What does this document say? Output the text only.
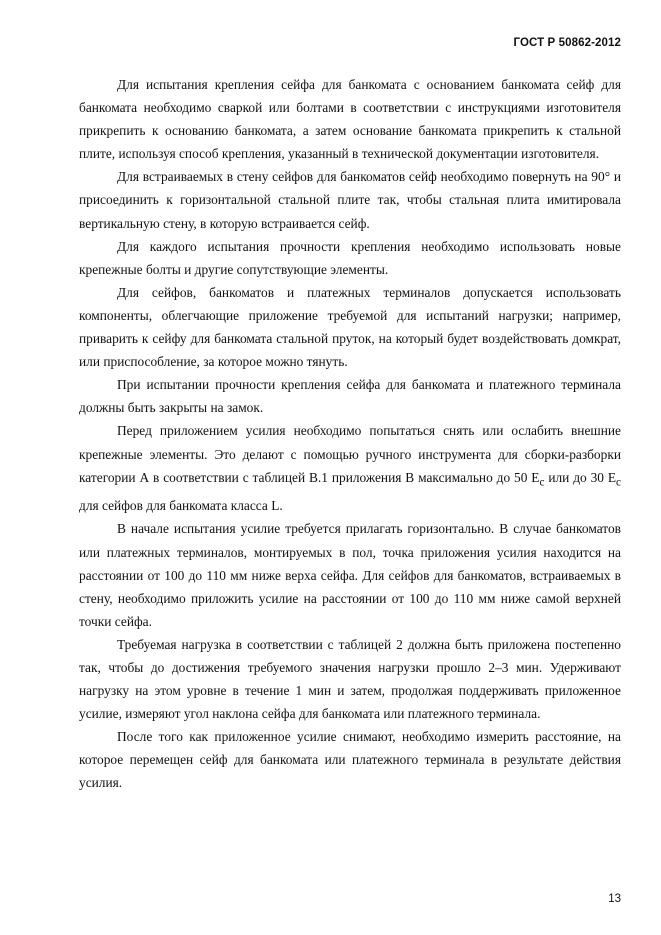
ГОСТ Р 50862-2012

Для испытания крепления сейфа для банкомата с основанием банкомата сейф для банкомата необходимо сваркой или болтами в соответствии с инструкциями изготовителя прикрепить к основанию банкомата, а затем основание банкомата прикрепить к стальной плите, используя способ крепления, указанный в технической документации изготовителя.

Для встраиваемых в стену сейфов для банкоматов сейф необходимо повернуть на 90° и присоединить к горизонтальной стальной плите так, чтобы стальная плита имитировала вертикальную стену, в которую встраивается сейф.

Для каждого испытания прочности крепления необходимо использовать новые крепежные болты и другие сопутствующие элементы.

Для сейфов, банкоматов и платежных терминалов допускается использовать компоненты, облегчающие приложение требуемой для испытаний нагрузки; например, приварить к сейфу для банкомата стальной пруток, на который будет воздействовать домкрат, или приспособление, за которое можно тянуть.

При испытании прочности крепления сейфа для банкомата и платежного терминала должны быть закрыты на замок.

Перед приложением усилия необходимо попытаться снять или ослабить внешние крепежные элементы. Это делают с помощью ручного инструмента для сборки-разборки категории А в соответствии с таблицей В.1 приложения В максимально до 50 $E_c$ или до 30 $E_c$ для сейфов для банкомата класса L.

В начале испытания усилие требуется прилагать горизонтально. В случае банкоматов или платежных терминалов, монтируемых в пол, точка приложения усилия находится на расстоянии от 100 до 110 мм ниже верха сейфа. Для сейфов для банкоматов, встраиваемых в стену, необходимо приложить усилие на расстоянии от 100 до 110 мм ниже самой верхней точки сейфа.

Требуемая нагрузка в соответствии с таблицей 2 должна быть приложена постепенно так, чтобы до достижения требуемого значения нагрузки прошло 2–3 мин. Удерживают нагрузку на этом уровне в течение 1 мин и затем, продолжая поддерживать приложенное усилие, измеряют угол наклона сейфа для банкомата или платежного терминала.

После того как приложенное усилие снимают, необходимо измерить расстояние, на которое перемещен сейф для банкомата или платежного терминала в результате действия усилия.

13
